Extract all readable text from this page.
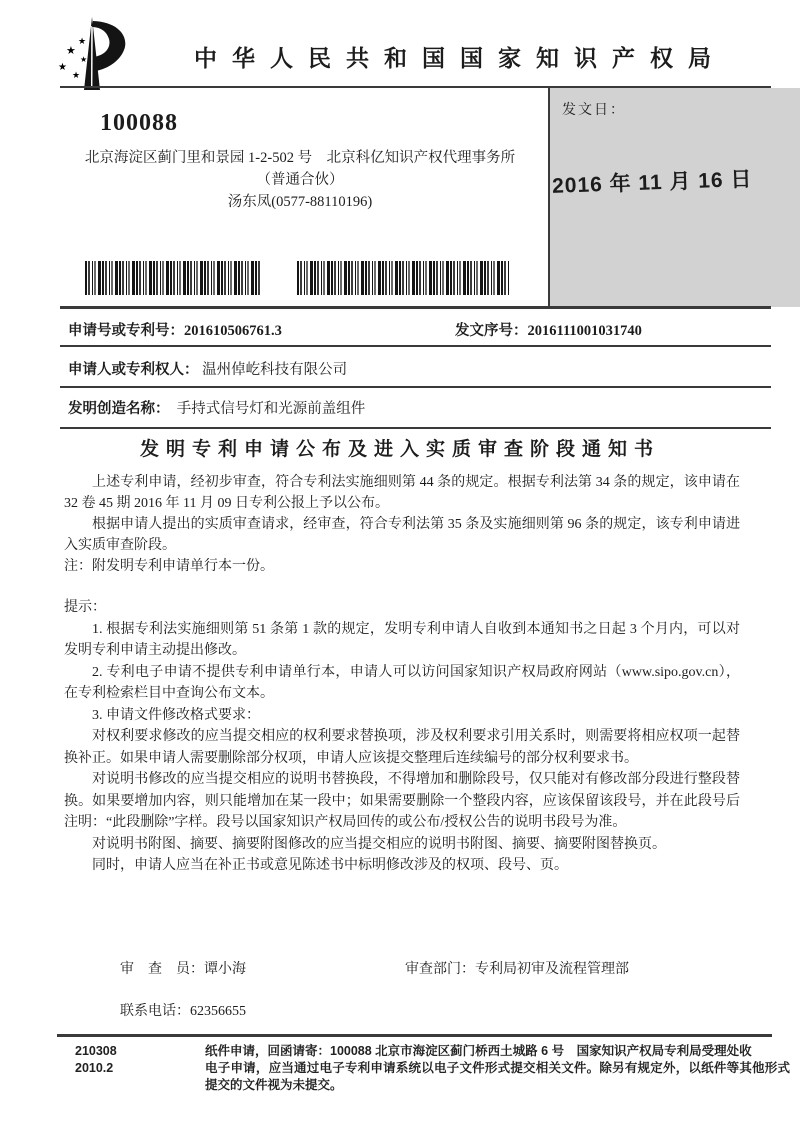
★
★
★
★
★
中华人民共和国国家知识产权局
发文日：
2016 年 11 月 16 日
100088
北京海淀区蓟门里和景园 1-2-502 号　北京科亿知识产权代理事务所
（普通合伙）
汤东凤(0577-88110196)
申请号或专利号：201610506761.3	发文序号：2016111001031740
申请人或专利权人： 温州倬屹科技有限公司
发明创造名称：　 手持式信号灯和光源前盖组件
发明专利申请公布及进入实质审查阶段通知书

上述专利申请，经初步审查，符合专利法实施细则第 44 条的规定。根据专利法第 34 条的规定，该申请在 32 卷 45 期 2016 年 11 月 09 日专利公报上予以公布。

根据申请人提出的实质审查请求，经审查，符合专利法第 35 条及实施细则第 96 条的规定，该专利申请进入实质审查阶段。

注：附发明专利申请单行本一份。

提示：

1. 根据专利法实施细则第 51 条第 1 款的规定，发明专利申请人自收到本通知书之日起 3 个月内，可以对发明专利申请主动提出修改。

2. 专利电子申请不提供专利申请单行本，申请人可以访问国家知识产权局政府网站（www.sipo.gov.cn），在专利检索栏目中查询公布文本。

3. 申请文件修改格式要求：

对权利要求修改的应当提交相应的权利要求替换项，涉及权利要求引用关系时，则需要将相应权项一起替换补正。如果申请人需要删除部分权项，申请人应该提交整理后连续编号的部分权利要求书。

对说明书修改的应当提交相应的说明书替换段，不得增加和删除段号，仅只能对有修改部分段进行整段替换。如果要增加内容，则只能增加在某一段中；如果需要删除一个整段内容，应该保留该段号，并在此段号后注明：“此段删除”字样。段号以国家知识产权局回传的或公布/授权公告的说明书段号为准。

对说明书附图、摘要、摘要附图修改的应当提交相应的说明书附图、摘要、摘要附图替换页。

同时，申请人应当在补正书或意见陈述书中标明修改涉及的权项、段号、页。

审　查　员：谭小海	审查部门：专利局初审及流程管理部
联系电话：62356655
210308
2010.2

纸件申请，回函请寄：100088 北京市海淀区蓟门桥西土城路 6 号　国家知识产权局专利局受理处收

电子申请，应当通过电子专利申请系统以电子文件形式提交相关文件。除另有规定外，以纸件等其他形式提交的文件视为未提交。
